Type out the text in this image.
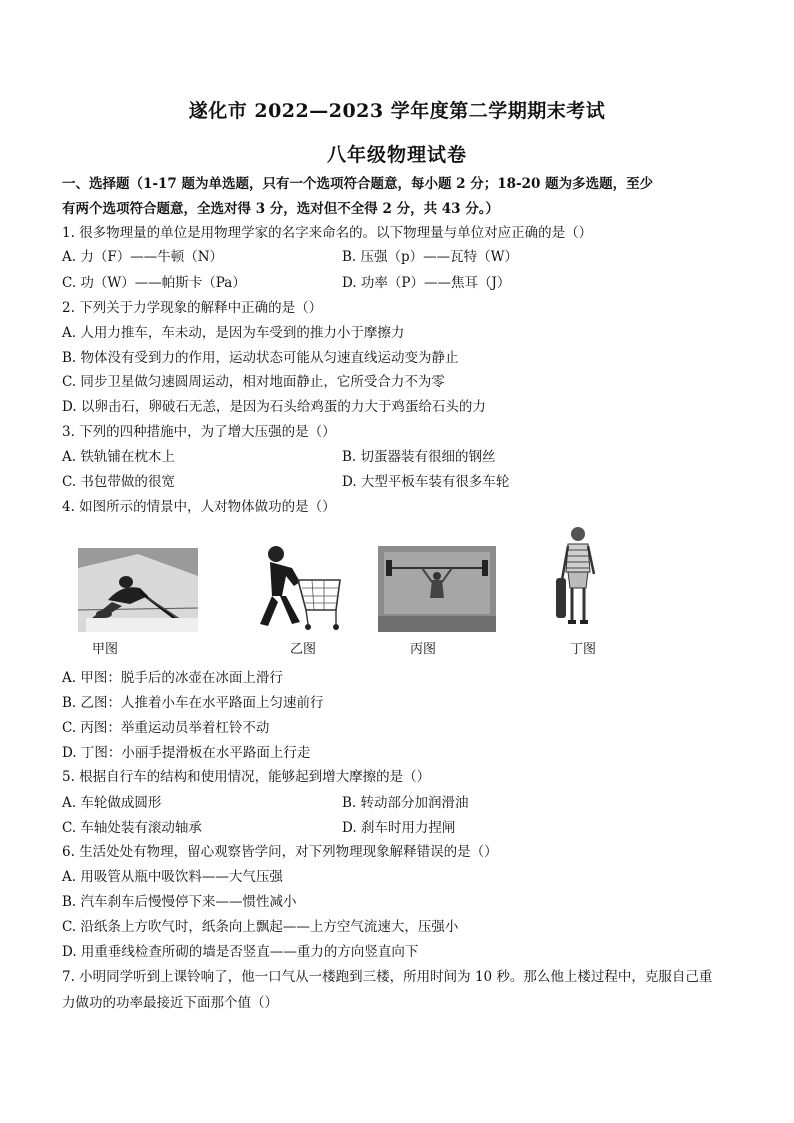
遂化市 2022—2023 学年度第二学期期末考试
八年级物理试卷
一、选择题（1-17 题为单选题，只有一个选项符合题意，每小题 2 分；18-20 题为多选题，至少
有两个选项符合题意，全选对得 3 分，选对但不全得 2 分，共 43 分。）
1. 很多物理量的单位是用物理学家的名字来命名的。以下物理量与单位对应正确的是（）
A. 力（F）——牛顿（N）	B. 压强（p）——瓦特（W）
C. 功（W）——帕斯卡（Pa）	D. 功率（P）——焦耳（J）
2. 下列关于力学现象的解释中正确的是（）
A. 人用力推车，车未动，是因为车受到的推力小于摩擦力
B. 物体没有受到力的作用，运动状态可能从匀速直线运动变为静止
C. 同步卫星做匀速圆周运动，相对地面静止，它所受合力不为零
D. 以卵击石，卵破石无恙，是因为石头给鸡蛋的力大于鸡蛋给石头的力
3. 下列的四种措施中，为了增大压强的是（）
A. 铁轨铺在枕木上	B. 切蛋器装有很细的钢丝
C. 书包带做的很宽	D. 大型平板车装有很多车轮
4. 如图所示的情景中，人对物体做功的是（）
甲图	乙图	丙图	丁图
A. 甲图：脱手后的冰壶在冰面上滑行
B. 乙图：人推着小车在水平路面上匀速前行
C. 丙图：举重运动员举着杠铃不动
D. 丁图：小丽手提滑板在水平路面上行走
5. 根据自行车的结构和使用情况，能够起到增大摩擦的是（）
A. 车轮做成圆形	B. 转动部分加润滑油
C. 车轴处装有滚动轴承	D. 刹车时用力捏闸
6. 生活处处有物理，留心观察皆学问，对下列物理现象解释错误的是（）
A. 用吸管从瓶中吸饮料——大气压强
B. 汽车刹车后慢慢停下来——惯性减小
C. 沿纸条上方吹气时，纸条向上飘起——上方空气流速大，压强小
D. 用重垂线检查所砌的墙是否竖直——重力的方向竖直向下
7. 小明同学听到上课铃响了，他一口气从一楼跑到三楼，所用时间为 10 秒。那么他上楼过程中，克服自己重
力做功的功率最接近下面那个值（）
